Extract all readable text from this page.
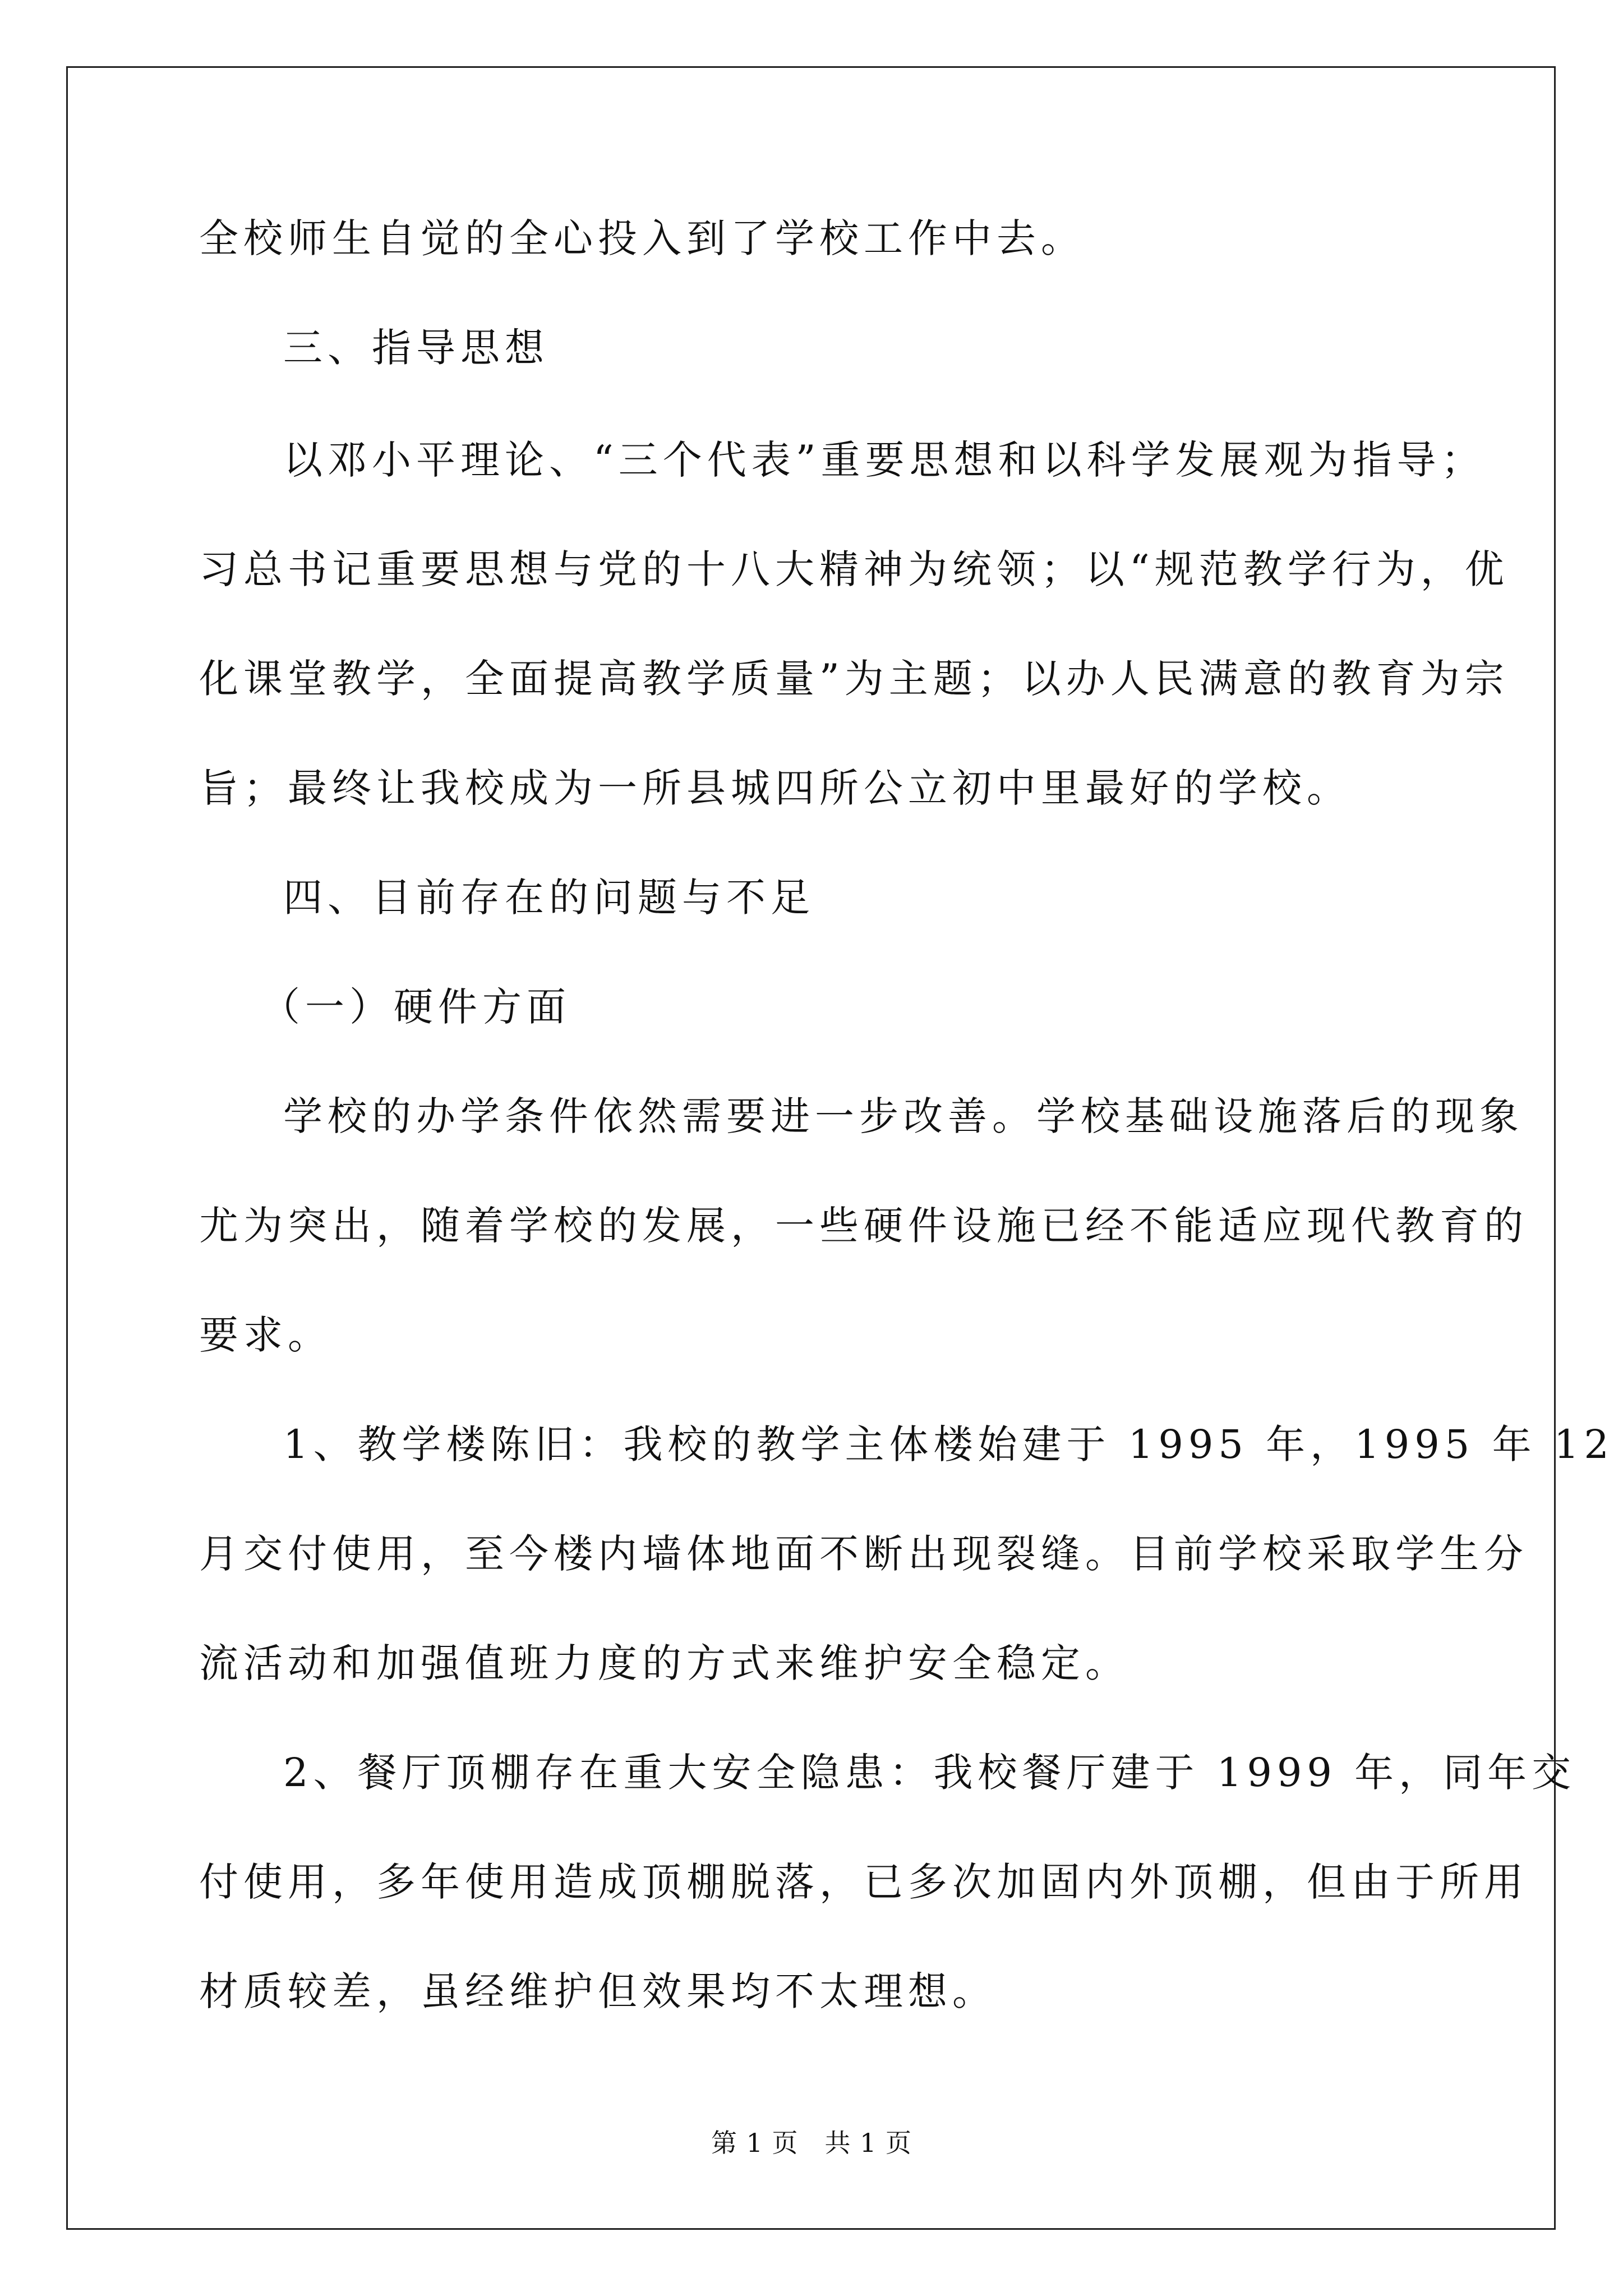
全校师生自觉的全心投入到了学校工作中去。
三、指导思想
以邓小平理论、“三个代表”重要思想和以科学发展观为指导；
习总书记重要思想与党的十八大精神为统领；以“规范教学行为，优
化课堂教学，全面提高教学质量”为主题；以办人民满意的教育为宗
旨；最终让我校成为一所县城四所公立初中里最好的学校。
四、目前存在的问题与不足
（一）硬件方面
学校的办学条件依然需要进一步改善。学校基础设施落后的现象
尤为突出，随着学校的发展，一些硬件设施已经不能适应现代教育的
要求。
1、教学楼陈旧：我校的教学主体楼始建于 1995 年，1995 年 12
月交付使用，至今楼内墙体地面不断出现裂缝。目前学校采取学生分
流活动和加强值班力度的方式来维护安全稳定。
2、餐厅顶棚存在重大安全隐患：我校餐厅建于 1999 年，同年交
付使用，多年使用造成顶棚脱落，已多次加固内外顶棚，但由于所用
材质较差，虽经维护但效果均不太理想。
第 1 页　共 1 页
